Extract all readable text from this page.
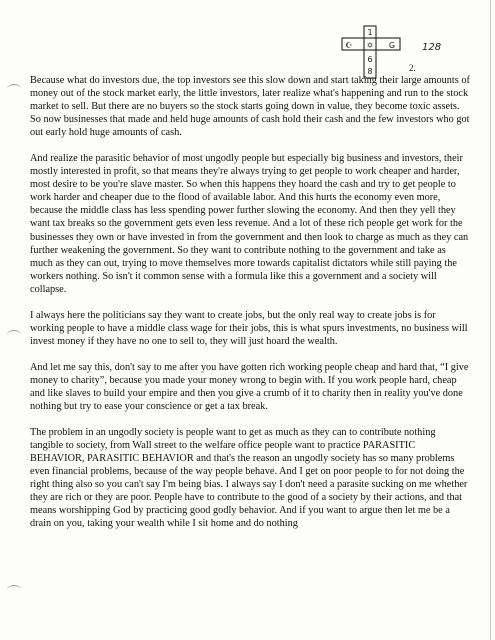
1
☪	G
✡
6
8
128
2.

Because what do investors due, the top investors see this slow down and start taking their large amounts of money out of the stock market early, the little investors, later realize what's happening and run to the stock market to sell. But there are no buyers so the stock starts going down in value, they become toxic assets. So now businesses that made and held huge amounts of cash hold their cash and the few investors who got out early hold huge amounts of cash.

And realize the parasitic behavior of most ungodly people but especially big business and investors, their mostly interested in profit, so that means they're always trying to get people to work cheaper and harder, most desire to be you're slave master. So when this happens they hoard the cash and try to get people to work harder and cheaper due to the flood of available labor. And this hurts the economy even more, because the middle class has less spending power further slowing the economy. And then they yell they want tax breaks so the government gets even less revenue. And a lot of these rich people get work for the businesses they own or have invested in from the government and then look to charge as much as they can further weakening the government. So they want to contribute nothing to the government and take as much as they can out, trying to move themselves more towards capitalist dictators while still paying the workers nothing. So isn't it common sense with a formula like this a government and a society will collapse.

I always here the politicians say they want to create jobs, but the only real way to create jobs is for working people to have a middle class wage for their jobs, this is what spurs investments, no business will invest money if they have no one to sell to, they will just hoard the wealth.

And let me say this, don't say to me after you have gotten rich working people cheap and hard that, “I give money to charity”, because you made your money wrong to begin with. If you work people hard, cheap and like slaves to build your empire and then you give a crumb of it to charity then in reality you've done nothing but try to ease your conscience or get a tax break.

The problem in an ungodly society is people want to get as much as they can to contribute nothing tangible to society, from Wall street to the welfare office people want to practice PARASITIC BEHAVIOR, PARASITIC BEHAVIOR and that's the reason an ungodly society has so many problems even financial problems, because of the way people behave. And I get on poor people to for not doing the right thing also so you can't say I'm being bias. I always say I don't need a parasite sucking on me whether they are rich or they are poor. People have to contribute to the good of a society by their actions, and that means worshipping God by practicing good godly behavior. And if you want to argue then let me be a drain on you, taking your wealth while I sit home and do nothing
